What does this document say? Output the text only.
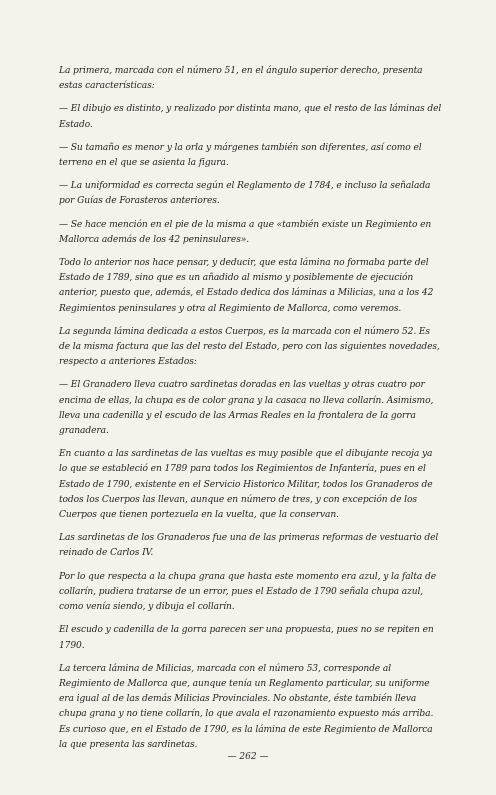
La primera, marcada con el número 51, en el ángulo superior derecho, presenta estas características:

— El dibujo es distinto, y realizado por distinta mano, que el resto de las láminas del Estado.

— Su tamaño es menor y la orla y márgenes también son diferentes, así como el terreno en el que se asienta la figura.

— La uniformidad es correcta según el Reglamento de 1784, e incluso la señalada por Guías de Forasteros anteriores.

— Se hace mención en el pie de la misma a que «también existe un Regimiento en Mallorca además de los 42 peninsulares».

Todo lo anterior nos hace pensar, y deducir, que esta lámina no formaba parte del Estado de 1789, sino que es un añadido al mismo y posiblemente de ejecución anterior, puesto que, además, el Estado dedica dos láminas a Milicias, una a los 42 Regimientos peninsulares y otra al Regimiento de Mallorca, como veremos.

La segunda lámina dedicada a estos Cuerpos, es la marcada con el número 52. Es de la misma factura que las del resto del Estado, pero con las siguientes novedades, respecto a anteriores Estados:

— El Granadero lleva cuatro sardinetas doradas en las vueltas y otras cuatro por encima de ellas, la chupa es de color grana y la casaca no lleva collarín. Asimismo, lleva una cadenilla y el escudo de las Armas Reales en la frontalera de la gorra granadera.

En cuanto a las sardinetas de las vueltas es muy posible que el dibujante recoja ya lo que se estableció en 1789 para todos los Regimientos de Infantería, pues en el Estado de 1790, existente en el Servicio Historico Militar, todos los Granaderos de todos los Cuerpos las llevan, aunque en número de tres, y con excepción de los Cuerpos que tienen portezuela en la vuelta, que la conservan.

Las sardinetas de los Granaderos fue una de las primeras reformas de vestuario del reinado de Carlos IV.

Por lo que respecta a la chupa grana que hasta este momento era azul, y la falta de collarín, pudiera tratarse de un error, pues el Estado de 1790 señala chupa azul, como venía siendo, y dibuja el collarín.

El escudo y cadenilla de la gorra parecen ser una propuesta, pues no se repiten en 1790.

La tercera lámina de Milicias, marcada con el número 53, corresponde al Regimiento de Mallorca que, aunque tenía un Reglamento particular, su uniforme era igual al de las demás Milicias Provinciales. No obstante, éste también lleva chupa grana y no tiene collarín, lo que avala el razonamiento expuesto más arriba. Es curioso que, en el Estado de 1790, es la lámina de este Regimiento de Mallorca la que presenta las sardinetas.

— 262 —
